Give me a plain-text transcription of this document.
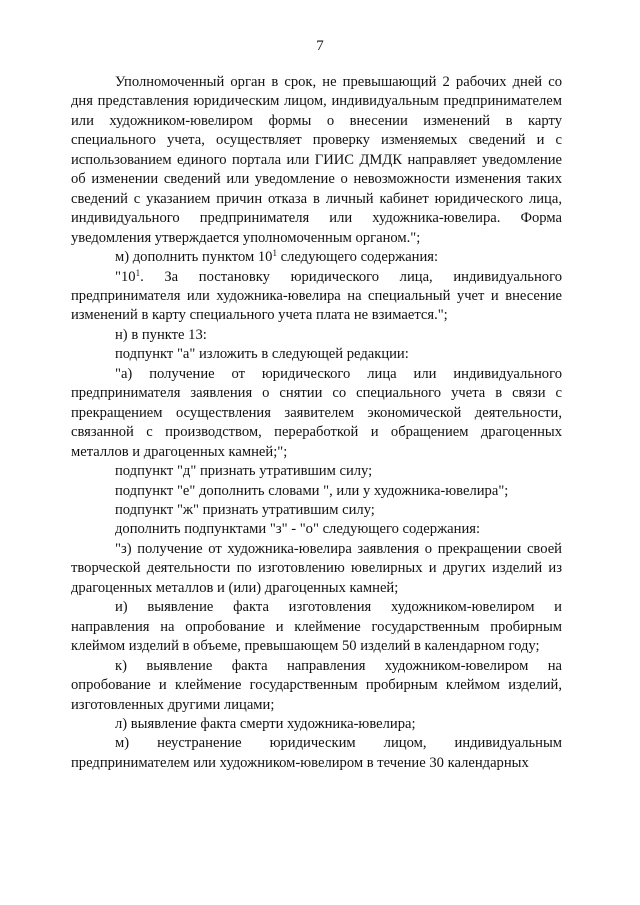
7

Уполномоченный орган в срок, не превышающий 2 рабочих дней со дня представления юридическим лицом, индивидуальным предпринимателем или художником-ювелиром формы о внесении изменений в карту специального учета, осуществляет проверку изменяемых сведений и с использованием единого портала или ГИИС ДМДК направляет уведомление об изменении сведений или уведомление о невозможности изменения таких сведений с указанием причин отказа в личный кабинет юридического лица, индивидуального предпринимателя или художника-ювелира. Форма уведомления утверждается уполномоченным органом.";

м) дополнить пунктом $10^1$ следующего содержания:

"$10^1$. За постановку юридического лица, индивидуального предпринимателя или художника-ювелира на специальный учет и внесение изменений в карту специального учета плата не взимается.";

н) в пункте 13:

подпункт "а" изложить в следующей редакции:

"а) получение от юридического лица или индивидуального предпринимателя заявления о снятии со специального учета в связи с прекращением осуществления заявителем экономической деятельности, связанной с производством, переработкой и обращением драгоценных металлов и драгоценных камней;";

подпункт "д" признать утратившим силу;

подпункт "е" дополнить словами ", или у художника-ювелира";

подпункт "ж" признать утратившим силу;

дополнить подпунктами "з" - "о" следующего содержания:

"з) получение от художника-ювелира заявления о прекращении своей творческой деятельности по изготовлению ювелирных и других изделий из драгоценных металлов и (или) драгоценных камней;

и) выявление факта изготовления художником-ювелиром и направления на опробование и клеймение государственным пробирным клеймом изделий в объеме, превышающем 50 изделий в календарном году;

к) выявление факта направления художником-ювелиром на опробование и клеймение государственным пробирным клеймом изделий, изготовленных другими лицами;

л) выявление факта смерти художника-ювелира;

м) неустранение юридическим лицом, индивидуальным предпринимателем или художником-ювелиром в течение 30 календарных
